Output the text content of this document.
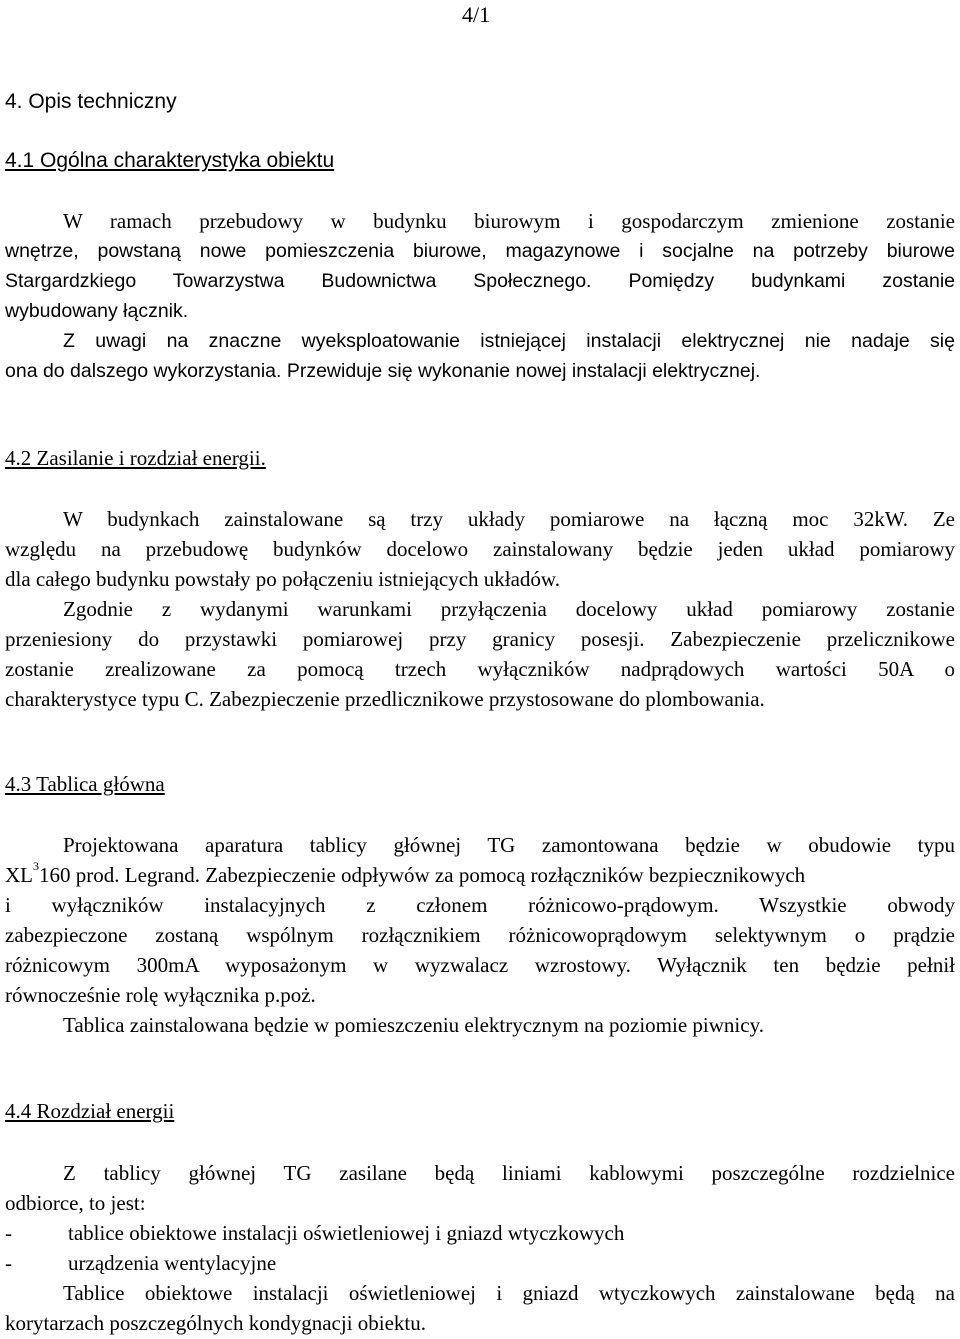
4/1
4. Opis techniczny
4.1 Ogólna charakterystyka obiektu
W ramach przebudowy w budynku biurowym i gospodarczym zmienione zostanie
wnętrze, powstaną nowe pomieszczenia biurowe, magazynowe i socjalne na potrzeby biurowe
Stargardzkiego Towarzystwa Budownictwa Społecznego. Pomiędzy budynkami zostanie
wybudowany łącznik.
Z uwagi na znaczne wyeksploatowanie istniejącej instalacji elektrycznej nie nadaje się
ona do dalszego wykorzystania. Przewiduje się wykonanie nowej instalacji elektrycznej.
4.2 Zasilanie i rozdział energii.
W budynkach zainstalowane są trzy układy pomiarowe na łączną moc 32kW. Ze
względu na przebudowę budynków docelowo zainstalowany będzie jeden układ pomiarowy
dla całego budynku powstały po połączeniu istniejących układów.
Zgodnie z wydanymi warunkami przyłączenia docelowy układ pomiarowy zostanie
przeniesiony do przystawki pomiarowej przy granicy posesji. Zabezpieczenie przelicznikowe
zostanie zrealizowane za pomocą trzech wyłączników nadprądowych wartości 50A o
charakterystyce typu C. Zabezpieczenie przedlicznikowe przystosowane do plombowania.
4.3 Tablica główna
Projektowana aparatura tablicy głównej TG zamontowana będzie w obudowie typu
$XL^3160$ prod. Legrand. Zabezpieczenie odpływów za pomocą rozłączników bezpiecznikowych
i wyłączników instalacyjnych z członem różnicowo-prądowym. Wszystkie obwody
zabezpieczone zostaną wspólnym rozłącznikiem różnicowoprądowym selektywnym o prądzie
różnicowym 300mA wyposażonym w wyzwalacz wzrostowy. Wyłącznik ten będzie pełnił
równocześnie rolę wyłącznika p.poż.
Tablica zainstalowana będzie w pomieszczeniu elektrycznym na poziomie piwnicy.
4.4 Rozdział energii
Z tablicy głównej TG zasilane będą liniami kablowymi poszczególne rozdzielnice
odbiorce, to jest:
-	tablice obiektowe instalacji oświetleniowej i gniazd wtyczkowych
-	urządzenia wentylacyjne
Tablice obiektowe instalacji oświetleniowej i gniazd wtyczkowych zainstalowane będą na
korytarzach poszczególnych kondygnacji obiektu.
